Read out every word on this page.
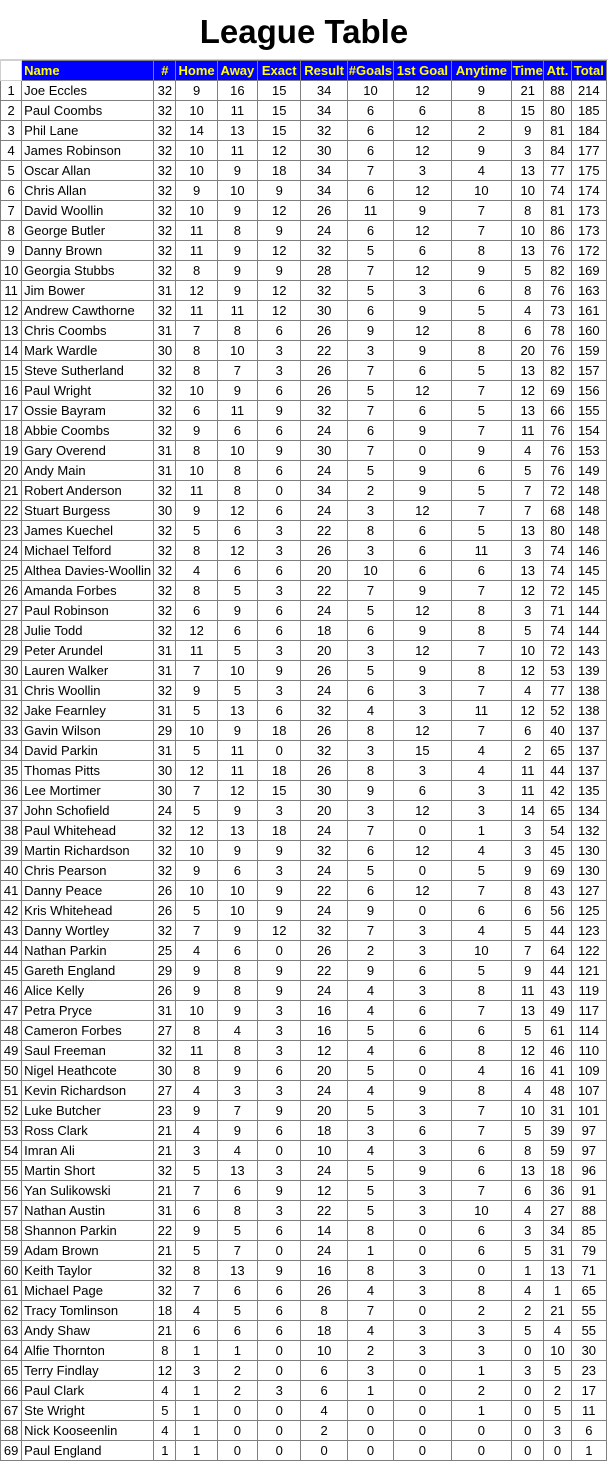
League Table
	Name	#	Home	Away	Exact	Result	#Goals	1st Goal	Anytime	Time	Att.	Total
1	Joe Eccles	32	9	16	15	34	10	12	9	21	88	214
2	Paul Coombs	32	10	11	15	34	6	6	8	15	80	185
3	Phil Lane	32	14	13	15	32	6	12	2	9	81	184
4	James Robinson	32	10	11	12	30	6	12	9	3	84	177
5	Oscar Allan	32	10	9	18	34	7	3	4	13	77	175
6	Chris Allan	32	9	10	9	34	6	12	10	10	74	174
7	David Woollin	32	10	9	12	26	11	9	7	8	81	173
8	George Butler	32	11	8	9	24	6	12	7	10	86	173
9	Danny Brown	32	11	9	12	32	5	6	8	13	76	172
10	Georgia Stubbs	32	8	9	9	28	7	12	9	5	82	169
11	Jim Bower	31	12	9	12	32	5	3	6	8	76	163
12	Andrew Cawthorne	32	11	11	12	30	6	9	5	4	73	161
13	Chris Coombs	31	7	8	6	26	9	12	8	6	78	160
14	Mark Wardle	30	8	10	3	22	3	9	8	20	76	159
15	Steve Sutherland	32	8	7	3	26	7	6	5	13	82	157
16	Paul Wright	32	10	9	6	26	5	12	7	12	69	156
17	Ossie Bayram	32	6	11	9	32	7	6	5	13	66	155
18	Abbie Coombs	32	9	6	6	24	6	9	7	11	76	154
19	Gary Overend	31	8	10	9	30	7	0	9	4	76	153
20	Andy Main	31	10	8	6	24	5	9	6	5	76	149
21	Robert Anderson	32	11	8	0	34	2	9	5	7	72	148
22	Stuart Burgess	30	9	12	6	24	3	12	7	7	68	148
23	James Kuechel	32	5	6	3	22	8	6	5	13	80	148
24	Michael Telford	32	8	12	3	26	3	6	11	3	74	146
25	Althea Davies-Woollin	32	4	6	6	20	10	6	6	13	74	145
26	Amanda Forbes	32	8	5	3	22	7	9	7	12	72	145
27	Paul Robinson	32	6	9	6	24	5	12	8	3	71	144
28	Julie Todd	32	12	6	6	18	6	9	8	5	74	144
29	Peter Arundel	31	11	5	3	20	3	12	7	10	72	143
30	Lauren Walker	31	7	10	9	26	5	9	8	12	53	139
31	Chris Woollin	32	9	5	3	24	6	3	7	4	77	138
32	Jake Fearnley	31	5	13	6	32	4	3	11	12	52	138
33	Gavin Wilson	29	10	9	18	26	8	12	7	6	40	137
34	David Parkin	31	5	11	0	32	3	15	4	2	65	137
35	Thomas Pitts	30	12	11	18	26	8	3	4	11	44	137
36	Lee Mortimer	30	7	12	15	30	9	6	3	11	42	135
37	John Schofield	24	5	9	3	20	3	12	3	14	65	134
38	Paul Whitehead	32	12	13	18	24	7	0	1	3	54	132
39	Martin Richardson	32	10	9	9	32	6	12	4	3	45	130
40	Chris Pearson	32	9	6	3	24	5	0	5	9	69	130
41	Danny Peace	26	10	10	9	22	6	12	7	8	43	127
42	Kris Whitehead	26	5	10	9	24	9	0	6	6	56	125
43	Danny Wortley	32	7	9	12	32	7	3	4	5	44	123
44	Nathan Parkin	25	4	6	0	26	2	3	10	7	64	122
45	Gareth England	29	9	8	9	22	9	6	5	9	44	121
46	Alice Kelly	26	9	8	9	24	4	3	8	11	43	119
47	Petra Pryce	31	10	9	3	16	4	6	7	13	49	117
48	Cameron Forbes	27	8	4	3	16	5	6	6	5	61	114
49	Saul Freeman	32	11	8	3	12	4	6	8	12	46	110
50	Nigel Heathcote	30	8	9	6	20	5	0	4	16	41	109
51	Kevin Richardson	27	4	3	3	24	4	9	8	4	48	107
52	Luke Butcher	23	9	7	9	20	5	3	7	10	31	101
53	Ross Clark	21	4	9	6	18	3	6	7	5	39	97
54	Imran Ali	21	3	4	0	10	4	3	6	8	59	97
55	Martin Short	32	5	13	3	24	5	9	6	13	18	96
56	Yan Sulikowski	21	7	6	9	12	5	3	7	6	36	91
57	Nathan Austin	31	6	8	3	22	5	3	10	4	27	88
58	Shannon Parkin	22	9	5	6	14	8	0	6	3	34	85
59	Adam Brown	21	5	7	0	24	1	0	6	5	31	79
60	Keith Taylor	32	8	13	9	16	8	3	0	1	13	71
61	Michael Page	32	7	6	6	26	4	3	8	4	1	65
62	Tracy Tomlinson	18	4	5	6	8	7	0	2	2	21	55
63	Andy Shaw	21	6	6	6	18	4	3	3	5	4	55
64	Alfie Thornton	8	1	1	0	10	2	3	3	0	10	30
65	Terry Findlay	12	3	2	0	6	3	0	1	3	5	23
66	Paul Clark	4	1	2	3	6	1	0	2	0	2	17
67	Ste Wright	5	1	0	0	4	0	0	1	0	5	11
68	Nick Kooseenlin	4	1	0	0	2	0	0	0	0	3	6
69	Paul England	1	1	0	0	0	0	0	0	0	0	1
